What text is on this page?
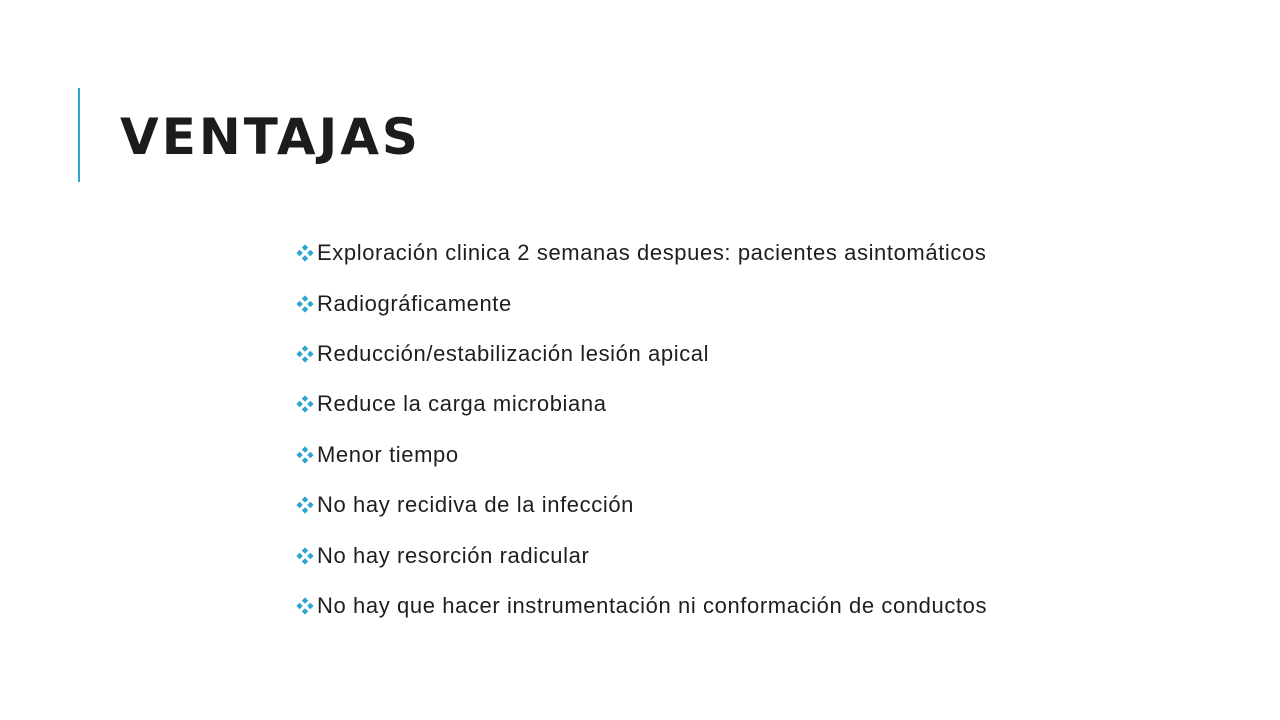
VENTAJAS
Exploración clinica 2 semanas despues: pacientes asintomáticos
Radiográficamente
Reducción/estabilización lesión apical
Reduce la carga microbiana
Menor tiempo
No hay recidiva de la infección
No hay resorción radicular
No hay que hacer instrumentación ni conformación de conductos
